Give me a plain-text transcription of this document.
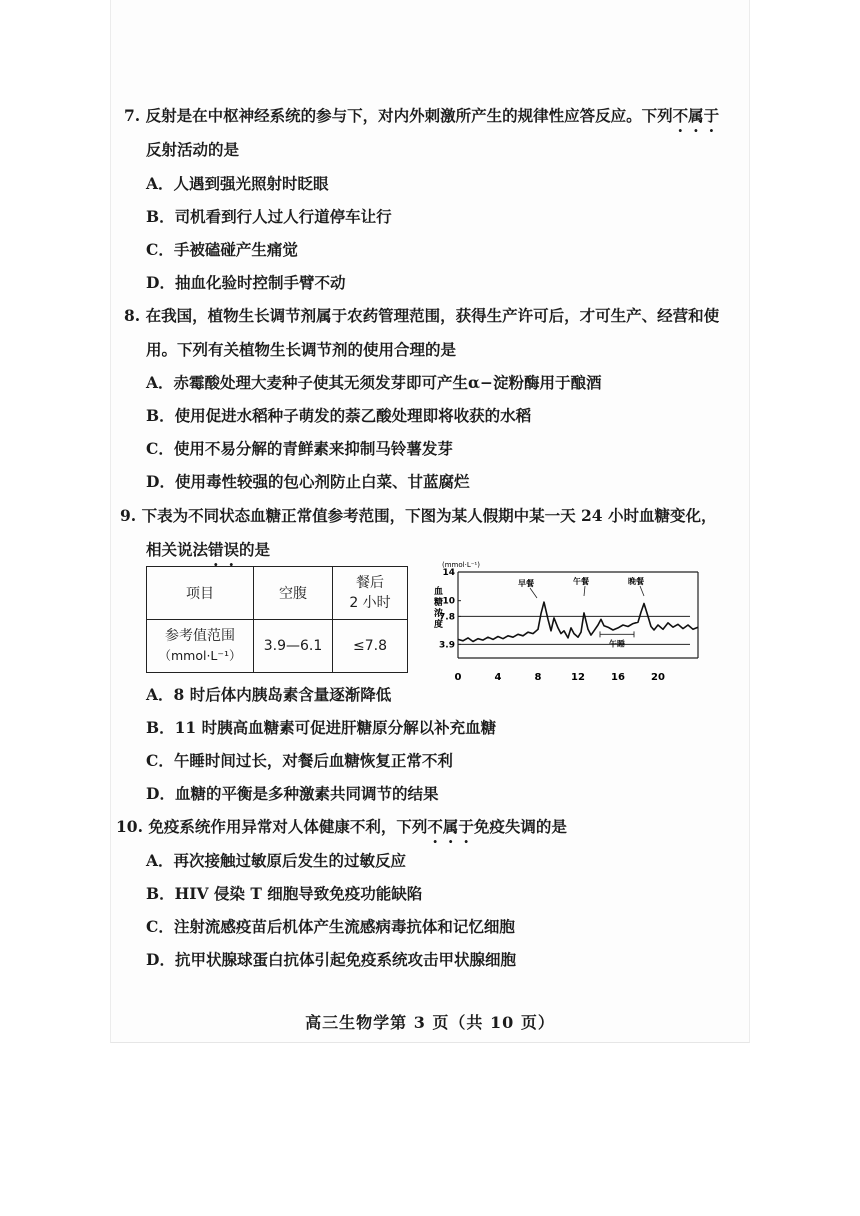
7. 反射是在中枢神经系统的参与下，对内外刺激所产生的规律性应答反应。下列不属于
反射活动的是
A．人遇到强光照射时眨眼
B．司机看到行人过人行道停车让行
C．手被磕碰产生痛觉
D．抽血化验时控制手臂不动
8. 在我国，植物生长调节剂属于农药管理范围，获得生产许可后，才可生产、经营和使
用。下列有关植物生长调节剂的使用合理的是
A．赤霉酸处理大麦种子使其无须发芽即可产生α−淀粉酶用于酿酒
B．使用促进水稻种子萌发的萘乙酸处理即将收获的水稻
C．使用不易分解的青鲜素来抑制马铃薯发芽
D．使用毒性较强的包心剂防止白菜、甘蓝腐烂
9. 下表为不同状态血糖正常值参考范围，下图为某人假期中某一天 24 小时血糖变化，
相关说法错误的是
项目	空腹	餐后
2 小时
参考值范围
（mmol·L⁻¹）	3.9—6.1	≤7.8
(mmol·L⁻¹)
血
糖
浓
度
3.9
7.8
10
14
0	4	8	12	16	20
早餐	午餐	晚餐
午睡
A．8 时后体内胰岛素含量逐渐降低
B．11 时胰高血糖素可促进肝糖原分解以补充血糖
C．午睡时间过长，对餐后血糖恢复正常不利
D．血糖的平衡是多种激素共同调节的结果
10. 免疫系统作用异常对人体健康不利，下列不属于免疫失调的是
A．再次接触过敏原后发生的过敏反应
B．HIV 侵染 T 细胞导致免疫功能缺陷
C．注射流感疫苗后机体产生流感病毒抗体和记忆细胞
D．抗甲状腺球蛋白抗体引起免疫系统攻击甲状腺细胞
高三生物学第 3 页（共 10 页）
